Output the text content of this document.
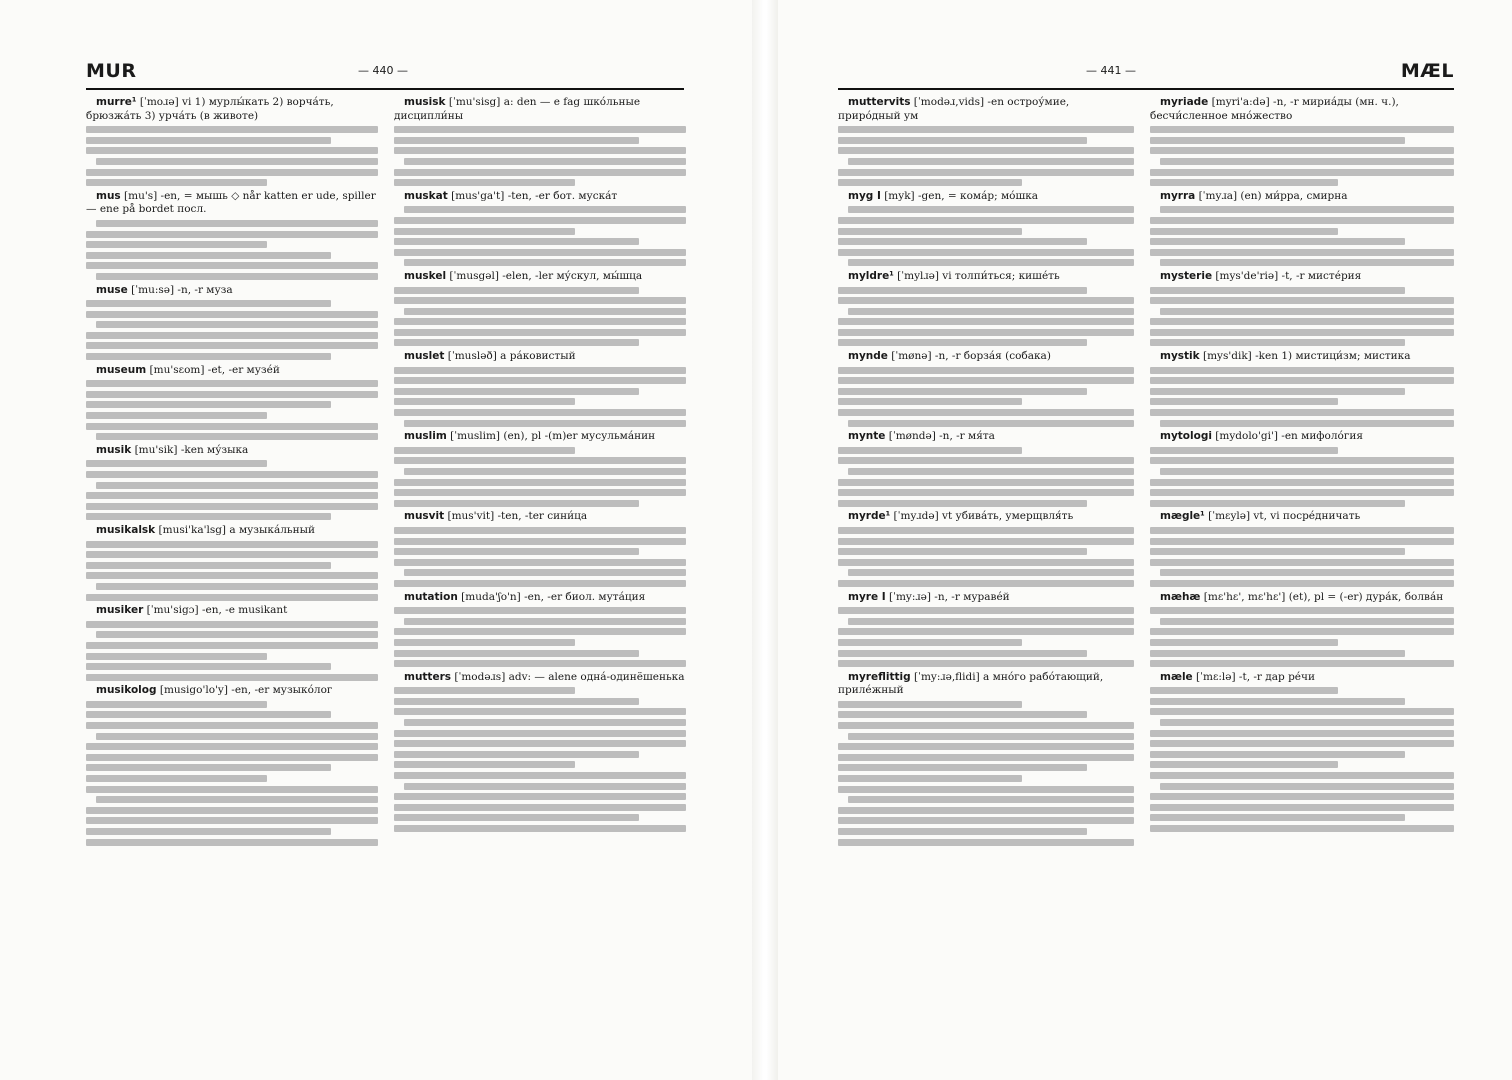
MUR	— 440 —
murre¹ [ˈmoɹə] vi 1) мурлы́кать 2) ворча́ть, брюзжа́ть 3) урча́ть (в животе)
mus [mu's] -en, = мышь ◇ når katten er ude, spiller — ene på bordet посл.
muse [ˈmu:sə] -n, -r муза
museum [mu'sɛom] -et, -er музе́й
musik [mu'sik] -ken му́зыка
musikalsk [musi'ka'lsg] a музыка́льный
musiker [ˈmu'sigɔ] -en, -e musikant
musikolog [musigo'lo'y] -en, -er музыко́лог
musisk [ˈmu'sisg] a: den — e fag шко́льные дисципли́ны
muskat [mus'ga't] -ten, -er бот. муска́т
muskel [ˈmusgəl] -elen, -ler му́скул, мы́шца
muslet [ˈmusləð] a ра́ковистый
muslim [ˈmuslim] (en), pl -(m)er мусульма́нин
musvit [mus'vit] -ten, -ter сини́ца
mutation [muda'ʃo'n] -en, -er биол. мута́ция
mutters [ˈmodəɹs] adv: — alene одна́-одинёшенька
— 441 —	MÆL
muttervits [ˈmodəɹ,vids] -en остроу́мие, приро́дный ум
myg I [myk] -gen, = кома́р; мо́шка
myldre¹ [ˈmylɹə] vi толпи́ться; кише́ть
mynde [ˈmønə] -n, -r борза́я (собака)
mynte [ˈmøndə] -n, -r мя́та
myrde¹ [ˈmyɹdə] vt убива́ть, умерщвля́ть
myre I [ˈmy:ɹə] -n, -r мураве́й
myreflittig [ˈmy:ɹə,flidi] a мно́го рабо́тающий, приле́жный
myriade [myri'a:də] -n, -r мириа́ды (мн. ч.), бесчи́сленное мно́жество
myrra [ˈmyɹa] (en) ми́рра, смирна
mysterie [mys'de'riə] -t, -r мисте́рия
mystik [mys'dik] -ken 1) мистици́зм; мистика
mytologi [mydolo'gi'] -en мифоло́гия
mægle¹ [ˈmɛylə] vt, vi посре́дничать
mæhæ [mɛ'hɛ', mɛ'hɛ'] (et), pl = (-er) дура́к, болва́н
mæle [ˈmɛ:lə] -t, -r дар ре́чи
